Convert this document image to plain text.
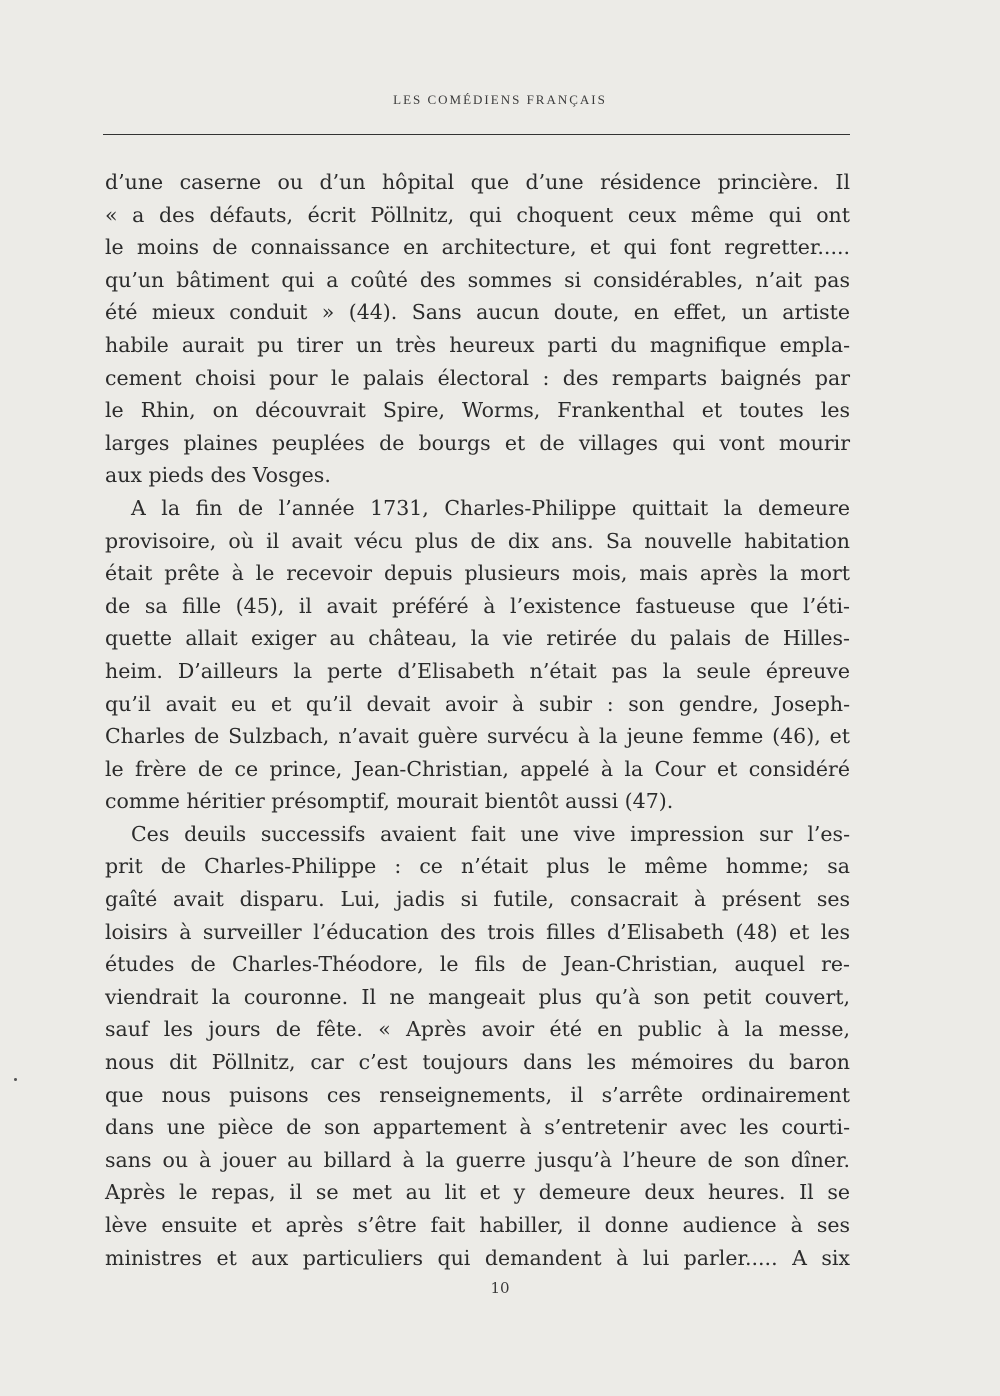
LES COMÉDIENS FRANÇAIS
d’une caserne ou d’un hôpital que d’une résidence princière. Il
« a des défauts, écrit Pöllnitz, qui choquent ceux même qui ont
le moins de connaissance en architecture, et qui font regretter.....
qu’un bâtiment qui a coûté des sommes si considérables, n’ait pas
été mieux conduit » (44). Sans aucun doute, en effet, un artiste
habile aurait pu tirer un très heureux parti du magnifique empla-
cement choisi pour le palais électoral : des remparts baignés par
le Rhin, on découvrait Spire, Worms, Frankenthal et toutes les
larges plaines peuplées de bourgs et de villages qui vont mourir
aux pieds des Vosges.
A la fin de l’année 1731, Charles-Philippe quittait la demeure
provisoire, où il avait vécu plus de dix ans. Sa nouvelle habitation
était prête à le recevoir depuis plusieurs mois, mais après la mort
de sa fille (45), il avait préféré à l’existence fastueuse que l’éti-
quette allait exiger au château, la vie retirée du palais de Hilles-
heim. D’ailleurs la perte d’Elisabeth n’était pas la seule épreuve
qu’il avait eu et qu’il devait avoir à subir : son gendre, Joseph-
Charles de Sulzbach, n’avait guère survécu à la jeune femme (46), et
le frère de ce prince, Jean-Christian, appelé à la Cour et considéré
comme héritier présomptif, mourait bientôt aussi (47).
Ces deuils successifs avaient fait une vive impression sur l’es-
prit de Charles-Philippe : ce n’était plus le même homme; sa
gaîté avait disparu. Lui, jadis si futile, consacrait à présent ses
loisirs à surveiller l’éducation des trois filles d’Elisabeth (48) et les
études de Charles-Théodore, le fils de Jean-Christian, auquel re-
viendrait la couronne. Il ne mangeait plus qu’à son petit couvert,
sauf les jours de fête. « Après avoir été en public à la messe,
nous dit Pöllnitz, car c’est toujours dans les mémoires du baron
que nous puisons ces renseignements, il s’arrête ordinairement
dans une pièce de son appartement à s’entretenir avec les courti-
sans ou à jouer au billard à la guerre jusqu’à l’heure de son dîner.
Après le repas, il se met au lit et y demeure deux heures. Il se
lève ensuite et après s’être fait habiller, il donne audience à ses
ministres et aux particuliers qui demandent à lui parler..... A six
10
